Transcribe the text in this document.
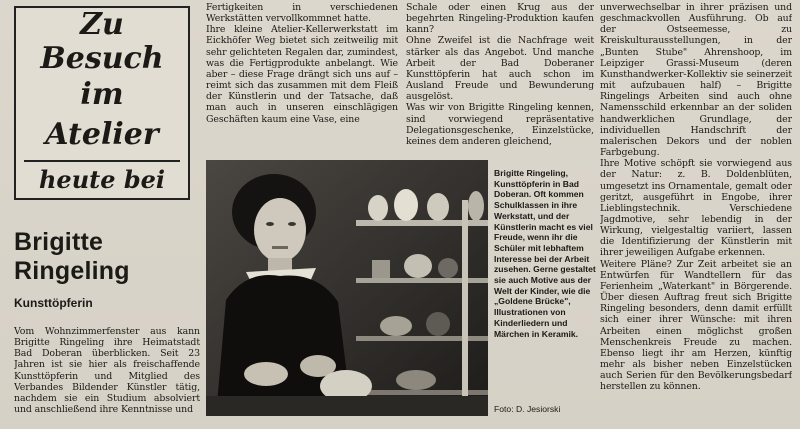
Zu
Besuch
im
Atelier
heute bei
Brigitte
Ringeling
Kunsttöpferin
Vom Wohnzimmerfenster aus kann Brigitte Ringeling ihre Heimatstadt Bad Doberan überblicken. Seit 23 Jahren ist sie hier als freischaffende Kunsttöpferin und Mitglied des Verbandes Bildender Künstler tätig, nachdem sie ein Studium absolviert und anschließend ihre Kenntnisse und
Fertigkeiten in verschiedenen Werkstätten vervollkommnet hatte.
Ihre kleine Atelier-Kellerwerkstatt im Eickhöfer Weg bietet sich zeitweilig mit sehr gelichteten Regalen dar, zumindest, was die Fertigprodukte anbelangt. Wie aber – diese Frage drängt sich uns auf – reimt sich das zusammen mit dem Fleiß der Künstlerin und der Tatsache, daß man auch in unseren einschlägigen Geschäften kaum eine Vase, eine
Schale oder einen Krug aus der begehrten Ringeling-Produktion kaufen kann?
Ohne Zweifel ist die Nachfrage weit stärker als das Angebot. Und manche Arbeit der Bad Doberaner Kunsttöpferin hat auch schon im Ausland Freude und Bewunderung ausgelöst.
Was wir von Brigitte Ringeling kennen, sind vorwiegend repräsentative Delegationsgeschenke, Einzelstücke, keines dem anderen gleichend,
unverwechselbar in ihrer präzisen und geschmackvollen Ausführung. Ob auf der Ostseemesse, zu Kreiskulturausstellungen, in der „Bunten Stube" Ahrenshoop, im Leipziger Grassi-Museum (deren Kunsthandwerker-Kollektiv sie seinerzeit mit aufzubauen half) – Brigitte Ringelings Arbeiten sind auch ohne Namensschild erkennbar an der soliden handwerklichen Grundlage, der individuellen Handschrift der malerischen Dekors und der noblen Farbgebung.
Ihre Motive schöpft sie vorwiegend aus der Natur: z. B. Doldenblüten, umgesetzt ins Ornamentale, gemalt oder geritzt, ausgeführt in Engobe, ihrer Lieblingstechnik. Verschiedene Jagdmotive, sehr lebendig in der Wirkung, vielgestaltig variiert, lassen die Identifizierung der Künstlerin mit ihrer jeweiligen Aufgabe erkennen.
Weitere Pläne? Zur Zeit arbeitet sie an Entwürfen für Wandtellern für das Ferienheim „Waterkant" in Börgerende. Über diesen Auftrag freut sich Brigitte Ringeling besonders, denn damit erfüllt sich einer ihrer Wünsche: mit ihren Arbeiten einen möglichst großen Menschenkreis Freude zu machen. Ebenso liegt ihr am Herzen, künftig mehr als bisher neben Einzelstücken auch Serien für den Bevölkerungsbedarf herstellen zu können.
Brigitte Ringeling, Kunsttöpferin in Bad Doberan. Oft kommen Schulklassen in ihre Werkstatt, und der Künstlerin macht es viel Freude, wenn ihr die Schüler mit lebhaftem Interesse bei der Arbeit zusehen. Gerne gestaltet sie auch Motive aus der Welt der Kinder, wie die „Goldene Brücke", Illustrationen von Kinderliedern und Märchen in Keramik.
Foto: D. Jesiorski
